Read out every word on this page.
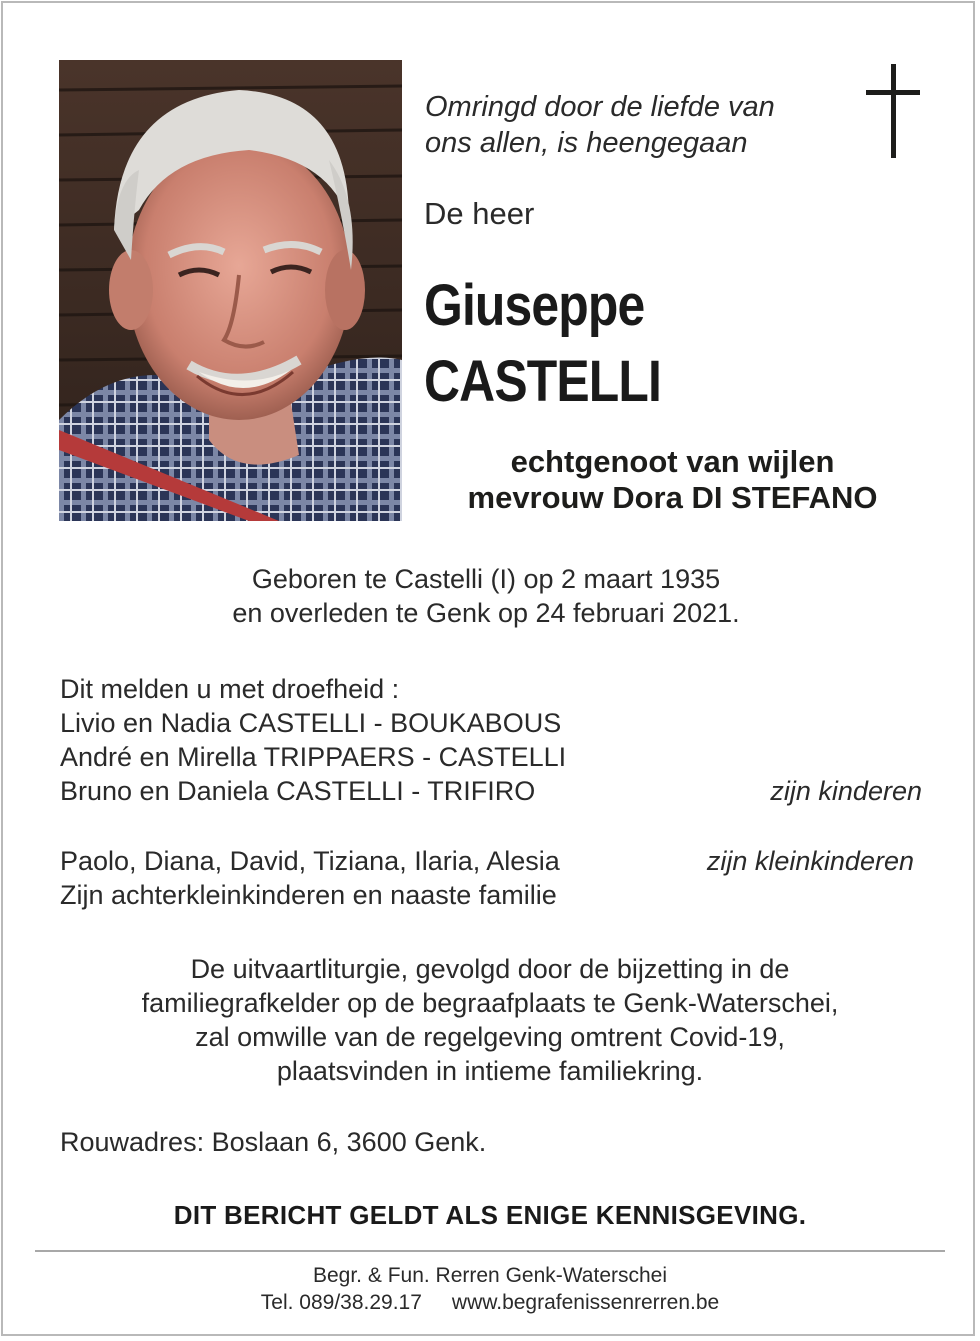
Omringd door de liefde van
ons allen, is heengegaan
De heer
Giuseppe
CASTELLI
echtgenoot van wijlen
mevrouw Dora DI STEFANO
Geboren te Castelli (I) op 2 maart 1935
en overleden te Genk op 24 februari 2021.
Dit melden u met droefheid :
Livio en Nadia CASTELLI - BOUKABOUS
André en Mirella TRIPPAERS - CASTELLI
Bruno en Daniela CASTELLI - TRIFIRO	zijn kinderen
Paolo, Diana, David, Tiziana, Ilaria, Alesia	zijn kleinkinderen
Zijn achterkleinkinderen en naaste familie
De uitvaartliturgie, gevolgd door de bijzetting in de
familiegrafkelder op de begraafplaats te Genk-Waterschei,
zal omwille van de regelgeving omtrent Covid-19,
plaatsvinden in intieme familiekring.
Rouwadres: Boslaan 6, 3600 Genk.
DIT BERICHT GELDT ALS ENIGE KENNISGEVING.
Begr. & Fun. Rerren Genk-Waterschei
Tel. 089/38.29.17 www.begrafenissenrerren.be
